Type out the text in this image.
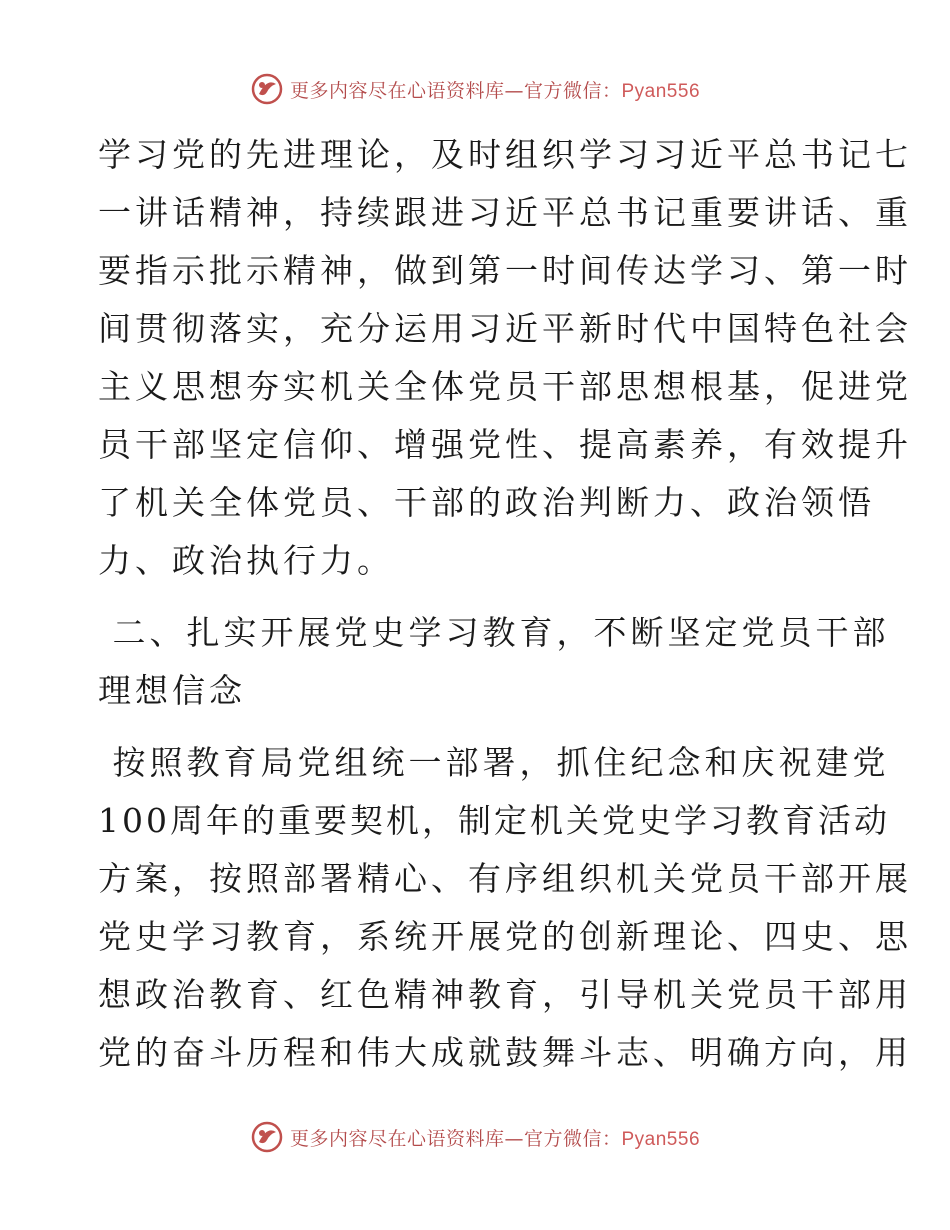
更多内容尽在心语资料库—官方微信：Pyan556
学习党的先进理论，及时组织学习习近平总书记七
一讲话精神，持续跟进习近平总书记重要讲话、重
要指示批示精神，做到第一时间传达学习、第一时
间贯彻落实，充分运用习近平新时代中国特色社会
主义思想夯实机关全体党员干部思想根基，促进党
员干部坚定信仰、增强党性、提高素养，有效提升
了机关全体党员、干部的政治判断力、政治领悟
力、政治执行力。
二、扎实开展党史学习教育，不断坚定党员干部
理想信念
按照教育局党组统一部署，抓住纪念和庆祝建党
100周年的重要契机，制定机关党史学习教育活动
方案，按照部署精心、有序组织机关党员干部开展
党史学习教育，系统开展党的创新理论、四史、思
想政治教育、红色精神教育，引导机关党员干部用
党的奋斗历程和伟大成就鼓舞斗志、明确方向，用
更多内容尽在心语资料库—官方微信：Pyan556
